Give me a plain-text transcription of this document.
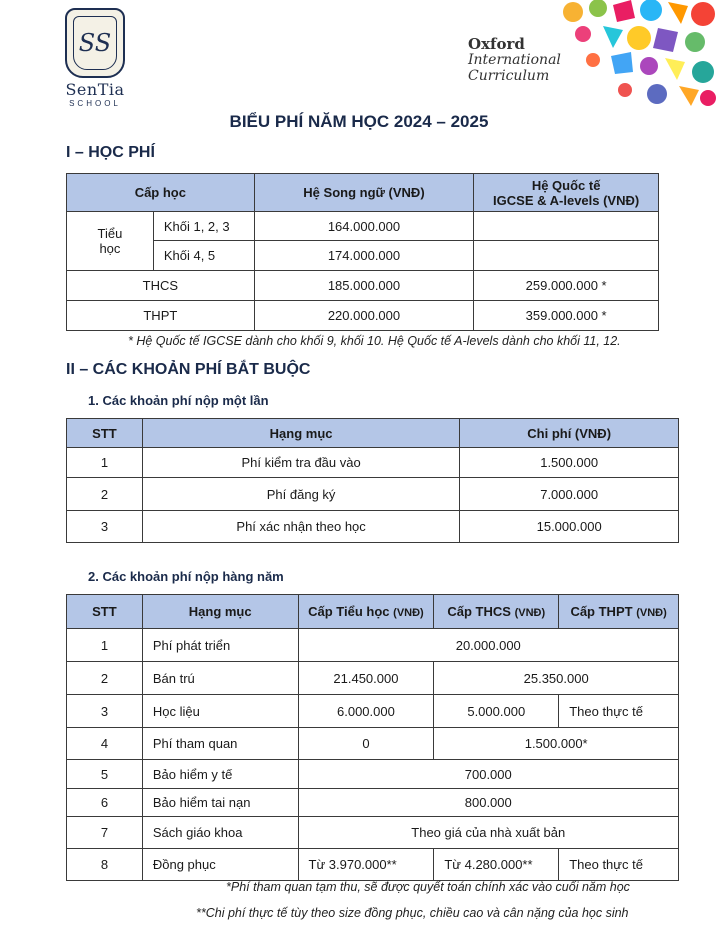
SS
SenTia
SCHOOL
Oxford
International
Curriculum
BIỂU PHÍ NĂM HỌC 2024 – 2025
I – HỌC PHÍ
Cấp học		Hệ Song ngữ (VNĐ)	Hệ Quốc tế
IGCSE & A-levels (VNĐ)

Tiểu
học	Khối 1, 2, 3	164.000.000	
	Khối 4, 5	174.000.000	
THCS		185.000.000	259.000.000 *
THPT		220.000.000	359.000.000 *
* Hệ Quốc tế IGCSE dành cho khối 9, khối 10. Hệ Quốc tế A-levels dành cho khối 11, 12.
II – CÁC KHOẢN PHÍ BẮT BUỘC
1. Các khoản phí nộp một lần
STT	Hạng mục	Chi phí (VNĐ)
1	Phí kiểm tra đầu vào	1.500.000
2	Phí đăng ký	7.000.000
3	Phí xác nhận theo học	15.000.000
2. Các khoản phí nộp hàng năm
STT	Hạng mục	Cấp Tiểu học (VNĐ)	Cấp THCS (VNĐ)	Cấp THPT (VNĐ)
1	Phí phát triển	20.000.000		
2	Bán trú	21.450.000	25.350.000	
3	Học liệu	6.000.000	5.000.000	Theo thực tế
4	Phí tham quan	0	1.500.000*	
5	Bảo hiểm y tế	700.000		
6	Bảo hiểm tai nạn	800.000		
7	Sách giáo khoa	Theo giá của nhà xuất bản		
8	Đồng phục	Từ 3.970.000**	Từ 4.280.000**	Theo thực tế
*Phí tham quan tạm thu, sẽ được quyết toán chính xác vào cuối năm học
**Chi phí thực tế tùy theo size đồng phục, chiều cao và cân nặng của học sinh
